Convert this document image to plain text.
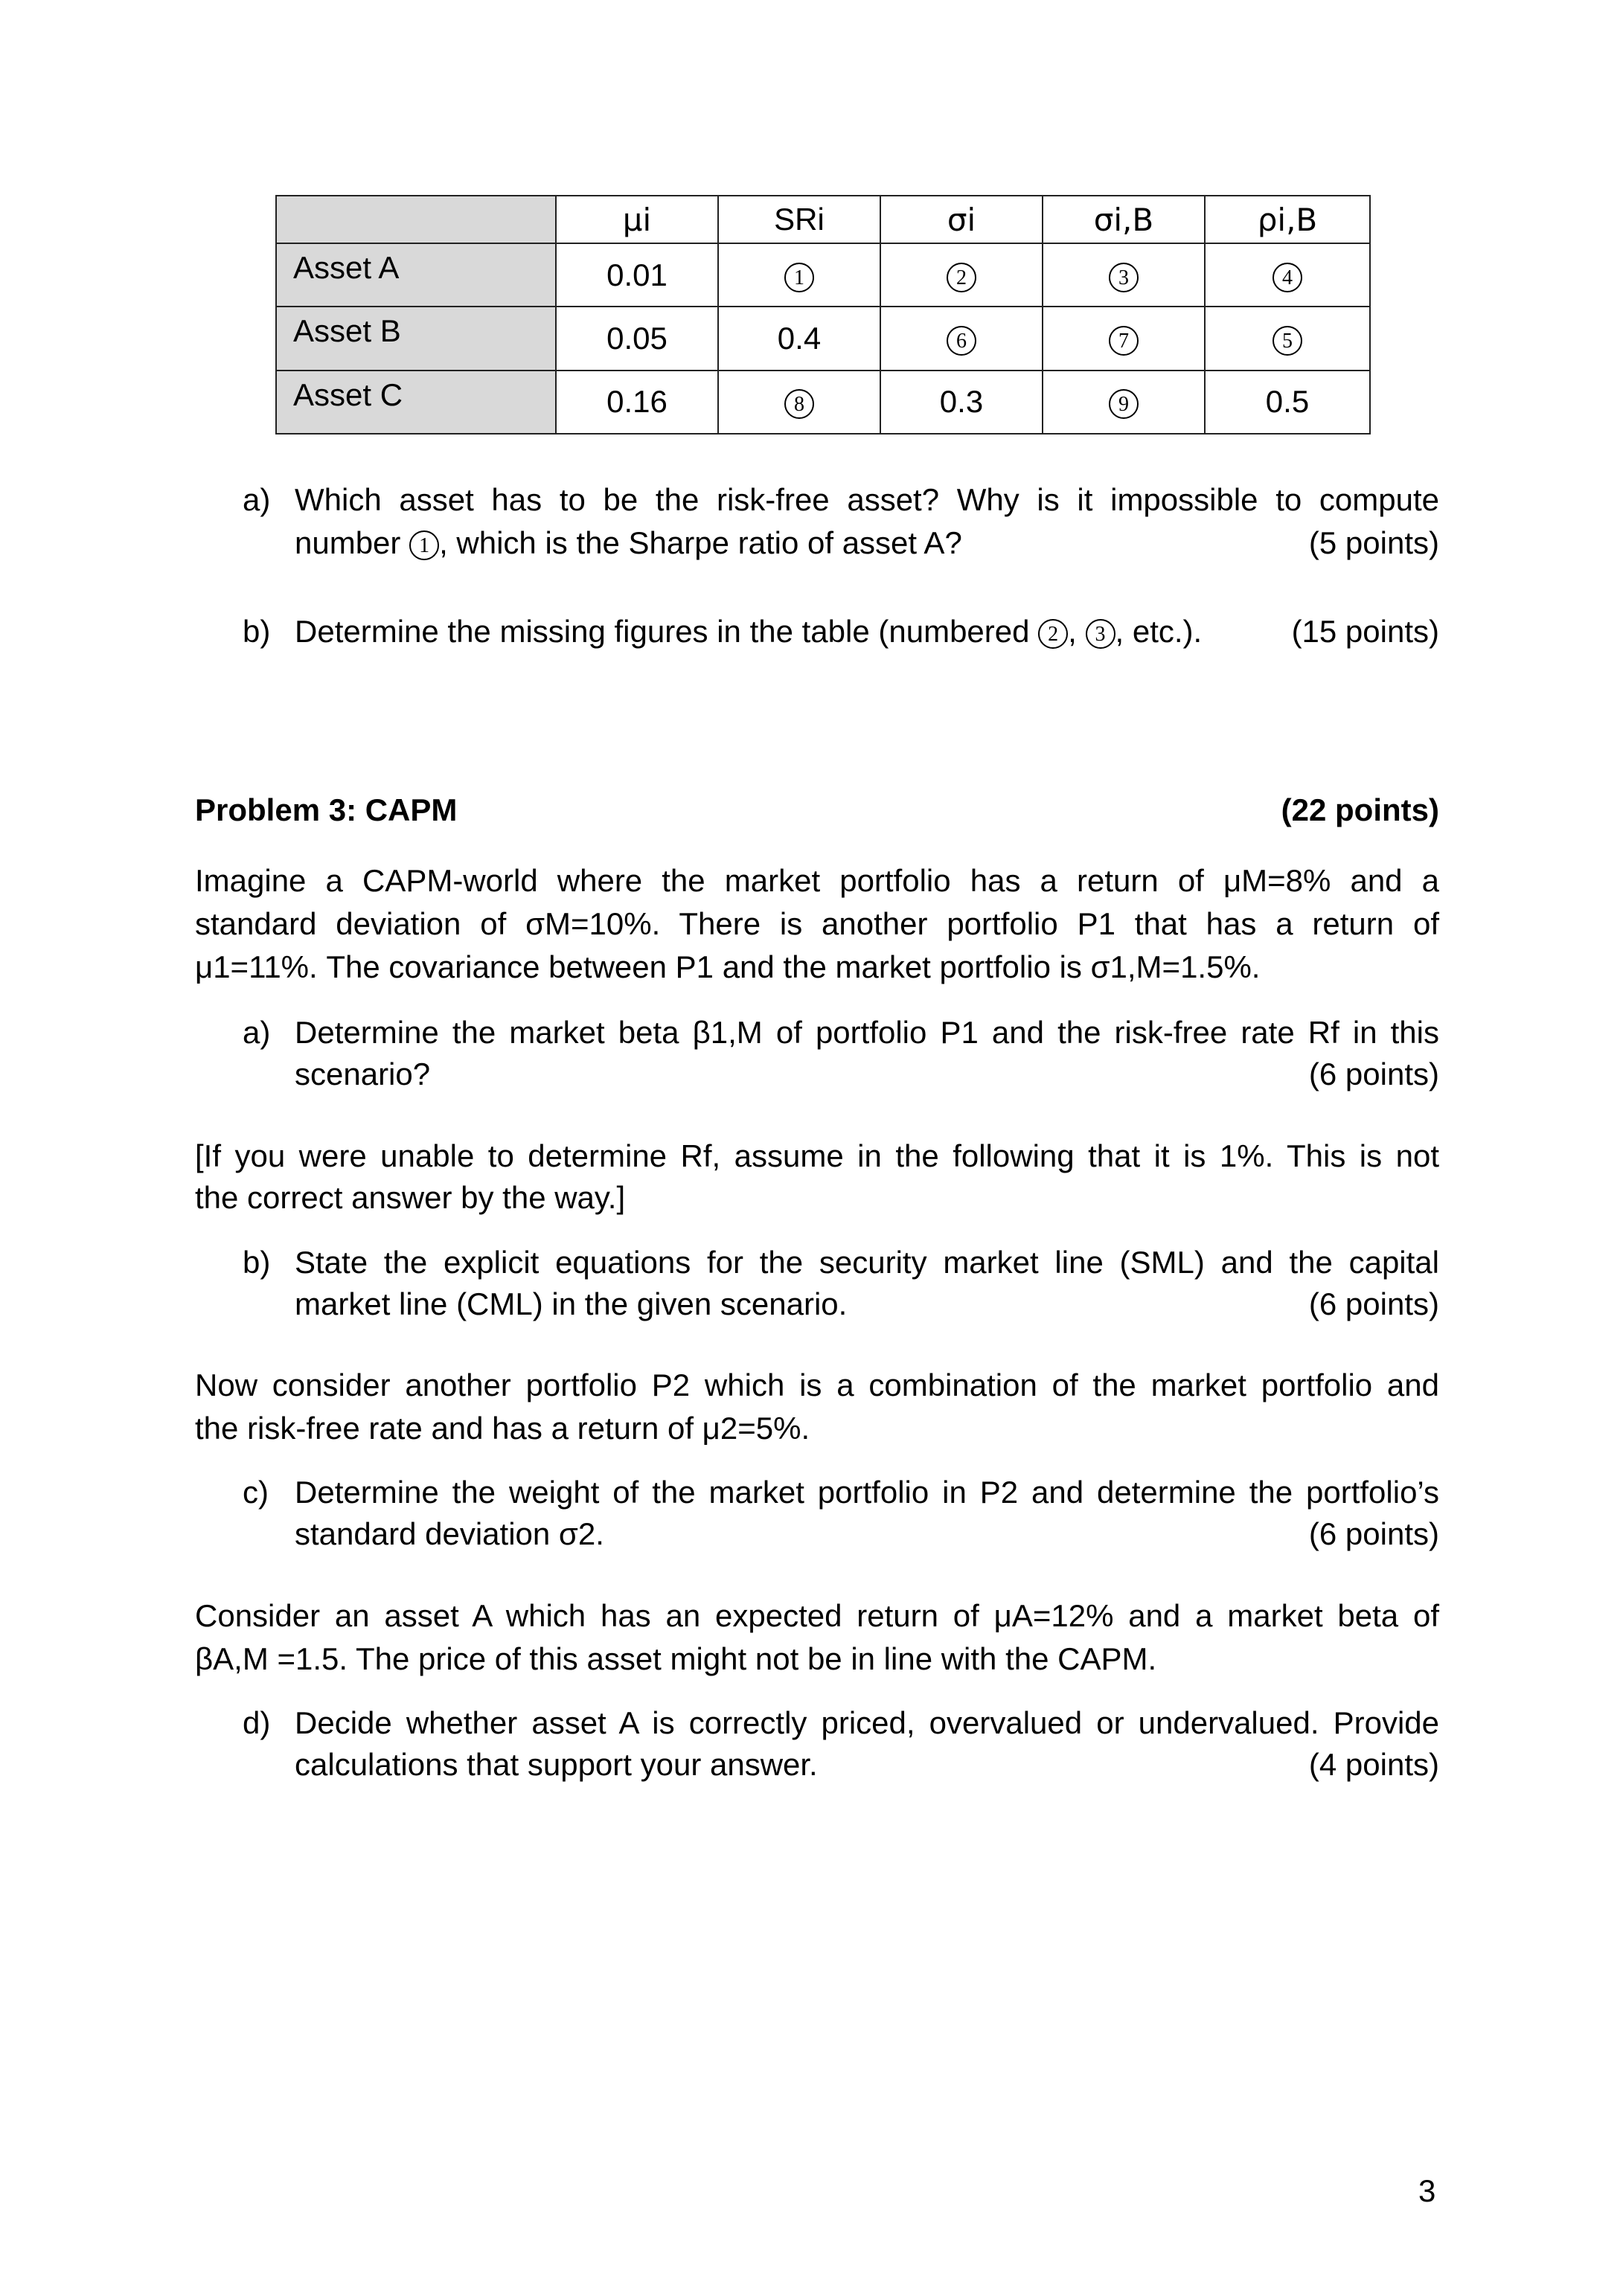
	μi	SRi	σi	σi,B	ρi,B
Asset A	0.01	1	2	3	4
Asset B	0.05	0.4	6	7	5
Asset C	0.16	8	0.3	9	0.5
a) Which asset has to be the risk-free asset? Why is it impossible to compute
number 1 , which is the Sharpe ratio of asset A?	(5 points)
b) Determine the missing figures in the table (numbered 2 , 3 , etc.).	(15 points)
Problem 3: CAPM	(22 points)
Imagine a CAPM-world where the market portfolio has a return of μM=8% and a
standard deviation of σM=10%. There is another portfolio P1 that has a return of
μ1=11%. The covariance between P1 and the market portfolio is σ1,M=1.5%.
a) Determine the market beta β1,M of portfolio P1 and the risk-free rate Rf in this
scenario?	(6 points)
[If you were unable to determine Rf, assume in the following that it is 1%. This is not
the correct answer by the way.]
b) State the explicit equations for the security market line (SML) and the capital
market line (CML) in the given scenario.	(6 points)
Now consider another portfolio P2 which is a combination of the market portfolio and
the risk-free rate and has a return of μ2=5%.
c) Determine the weight of the market portfolio in P2 and determine the portfolio’s
standard deviation σ2.	(6 points)
Consider an asset A which has an expected return of μA=12% and a market beta of
βA,M =1.5. The price of this asset might not be in line with the CAPM.
d) Decide whether asset A is correctly priced, overvalued or undervalued. Provide
calculations that support your answer.	(4 points)
3
